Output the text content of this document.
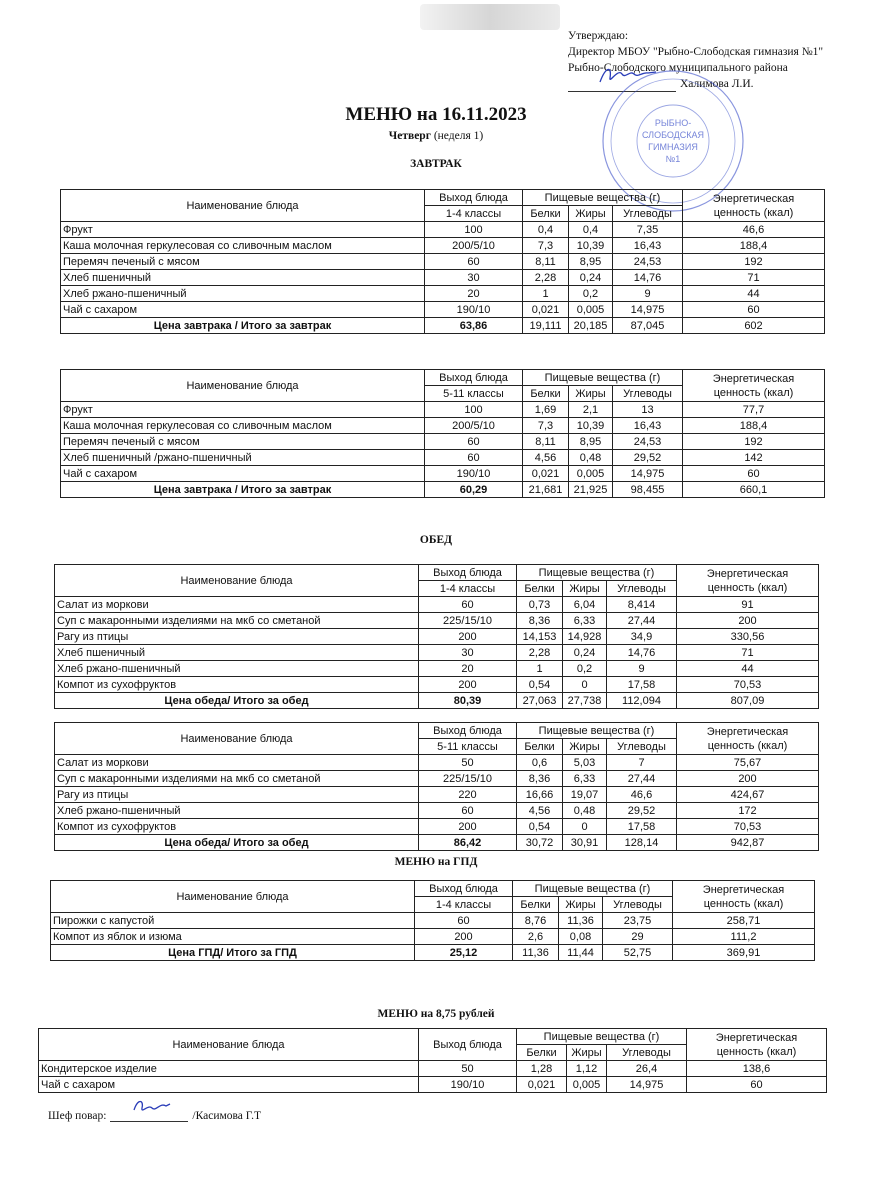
Утверждаю:
Директор МБОУ "Рыбно-Слободская гимназия №1"
Рыбно-Слободского муниципального района
Халимова Л.И.
РЫБНО-
СЛОБОДСКАЯ
ГИМНАЗИЯ
№1
МЕНЮ на 16.11.2023
Четверг (неделя 1)
ЗАВТРАК
ОБЕД
МЕНЮ на ГПД
МЕНЮ на 8,75 рублей
Наименование блюда	Выход блюда	Пищевые вещества (г)			Энергетическая
ценность (ккал)

	1-4 классы	Белки	Жиры	Углеводы	
Фрукт	100	0,4	0,4	7,35	46,6
Каша молочная геркулесовая со сливочным маслом	200/5/10	7,3	10,39	16,43	188,4
Перемяч печеный с мясом	60	8,11	8,95	24,53	192
Хлеб пшеничный	30	2,28	0,24	14,76	71
Хлеб ржано-пшеничный	20	1	0,2	9	44
Чай с сахаром	190/10	0,021	0,005	14,975	60
Цена завтрака / Итого за завтрак	63,86	19,111	20,185	87,045	602
Наименование блюда	Выход блюда	Пищевые вещества (г)			Энергетическая
ценность (ккал)

	5-11 классы	Белки	Жиры	Углеводы	
Фрукт	100	1,69	2,1	13	77,7
Каша молочная геркулесовая со сливочным маслом	200/5/10	7,3	10,39	16,43	188,4
Перемяч печеный с мясом	60	8,11	8,95	24,53	192
Хлеб пшеничный /ржано-пшеничный	60	4,56	0,48	29,52	142
Чай с сахаром	190/10	0,021	0,005	14,975	60
Цена завтрака / Итого за завтрак	60,29	21,681	21,925	98,455	660,1
Наименование блюда	Выход блюда	Пищевые вещества (г)			Энергетическая
ценность (ккал)

	1-4 классы	Белки	Жиры	Углеводы	
Салат из моркови	60	0,73	6,04	8,414	91
Суп с макаронными изделиями на мкб со сметаной	225/15/10	8,36	6,33	27,44	200
Рагу из птицы	200	14,153	14,928	34,9	330,56
Хлеб пшеничный	30	2,28	0,24	14,76	71
Хлеб ржано-пшеничный	20	1	0,2	9	44
Компот из сухофруктов	200	0,54	0	17,58	70,53
Цена обеда/ Итого за обед	80,39	27,063	27,738	112,094	807,09
Наименование блюда	Выход блюда	Пищевые вещества (г)			Энергетическая
ценность (ккал)

	5-11 классы	Белки	Жиры	Углеводы	
Салат из моркови	50	0,6	5,03	7	75,67
Суп с макаронными изделиями на мкб со сметаной	225/15/10	8,36	6,33	27,44	200
Рагу из птицы	220	16,66	19,07	46,6	424,67
Хлеб ржано-пшеничный	60	4,56	0,48	29,52	172
Компот из сухофруктов	200	0,54	0	17,58	70,53
Цена обеда/ Итого за обед	86,42	30,72	30,91	128,14	942,87
Наименование блюда	Выход блюда	Пищевые вещества (г)			Энергетическая
ценность (ккал)

	1-4 классы	Белки	Жиры	Углеводы	
Пирожки с капустой	60	8,76	11,36	23,75	258,71
Компот из яблок и изюма	200	2,6	0,08	29	111,2
Цена ГПД/ Итого за ГПД	25,12	11,36	11,44	52,75	369,91
Наименование блюда	Выход блюда	Пищевые вещества (г)			Энергетическая
ценность (ккал)

		Белки	Жиры	Углеводы	
Кондитерское изделие	50	1,28	1,12	26,4	138,6
Чай с сахаром	190/10	0,021	0,005	14,975	60
Шеф повар:	/Касимова Г.Т
